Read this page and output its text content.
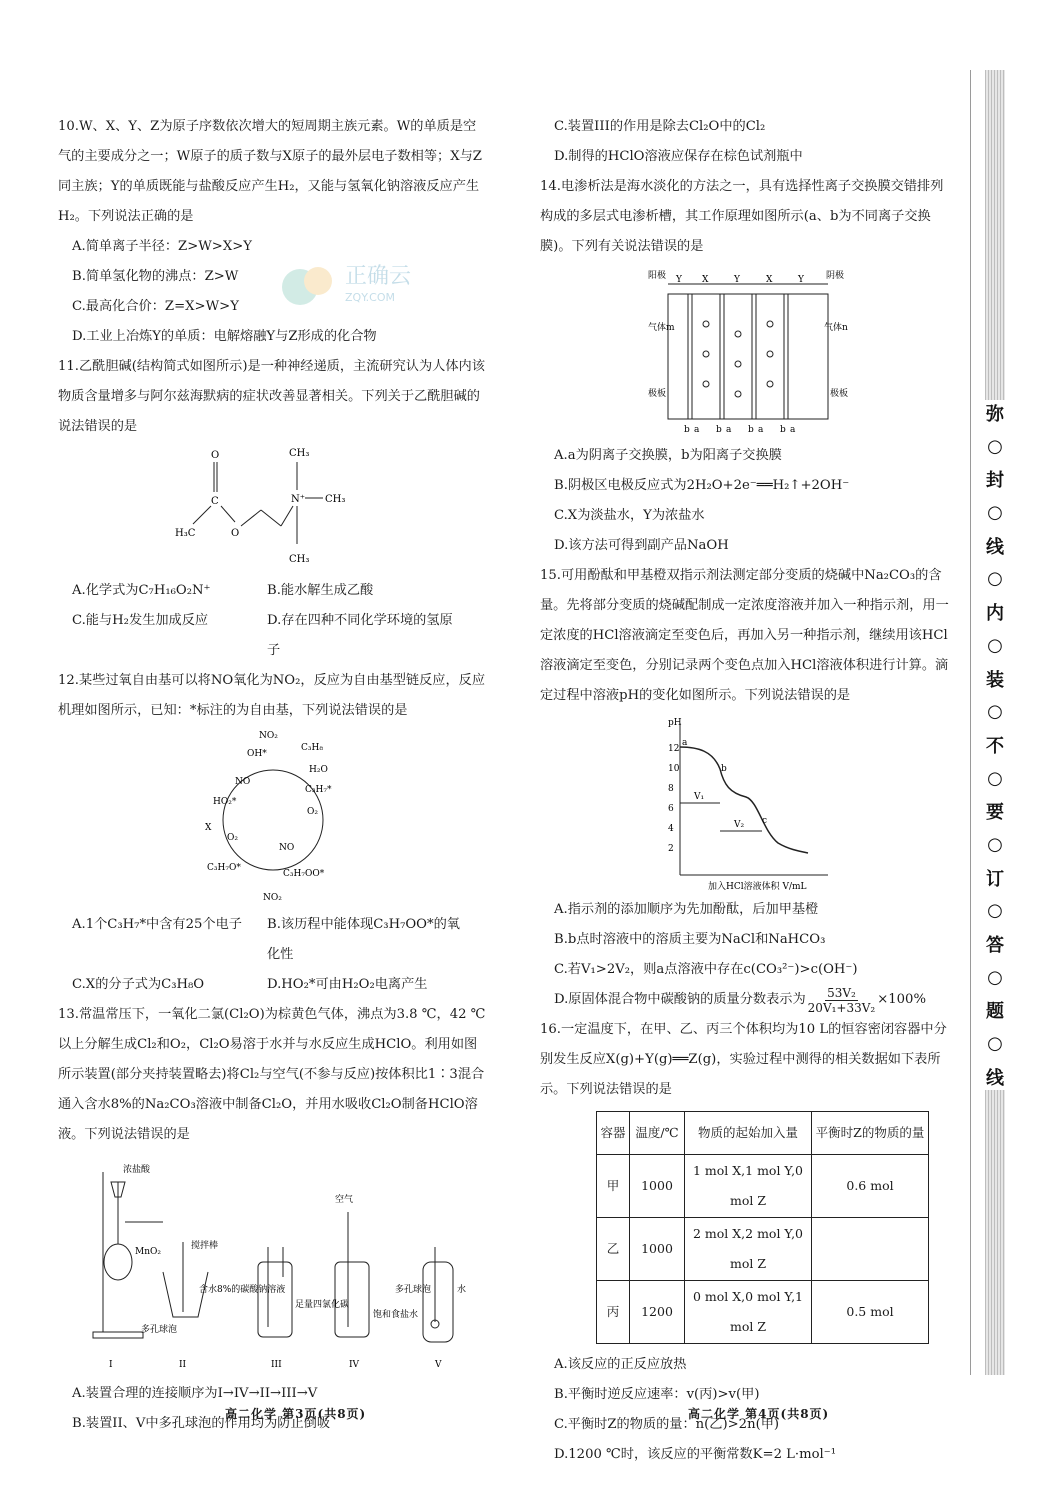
弥
○
封
○
线
○
内
○
装
○
不
○
要
○
订
○
答
○
题
○
线
正确云
ZQY.COM
10.W、X、Y、Z为原子序数依次增大的短周期主族元素。W的单质是空气的主要成分之一；W原子的质子数与X原子的最外层电子数相等；X与Z同主族；Y的单质既能与盐酸反应产生H₂，又能与氢氧化钠溶液反应产生H₂。下列说法正确的是
A.简单离子半径：Z>W>X>Y
B.简单氢化物的沸点：Z>W
C.最高化合价：Z=X>W>Y
D.工业上冶炼Y的单质：电解熔融Y与Z形成的化合物
11.乙酰胆碱(结构简式如图所示)是一种神经递质，主流研究认为人体内该物质含量增多与阿尔兹海默病的症状改善显著相关。下列关于乙酰胆碱的说法错误的是
O
C
H₃C	O
N⁺
CH₃
CH₃
CH₃
A.化学式为C₇H₁₆O₂N⁺	B.能水解生成乙酸
C.能与H₂发生加成反应	D.存在四种不同化学环境的氢原子
12.某些过氧自由基可以将NO氧化为NO₂，反应为自由基型链反应，反应机理如图所示，已知：*标注的为自由基，下列说法错误的是
NO₂
OH*
C₃H₈
H₂O
NO
C₃H₇*
HO₂*
O₂
X
O₂
NO
C₃H₇O*
C₃H₇OO*
NO₂
A.1个C₃H₇*中含有25个电子	B.该历程中能体现C₃H₇OO*的氧化性
C.X的分子式为C₃H₈O	D.HO₂*可由H₂O₂电离产生
13.常温常压下，一氧化二氯(Cl₂O)为棕黄色气体，沸点为3.8 ℃，42 ℃以上分解生成Cl₂和O₂，Cl₂O易溶于水并与水反应生成HClO。利用如图所示装置(部分夹持装置略去)将Cl₂与空气(不参与反应)按体积比1∶3混合通入含水8%的Na₂CO₃溶液中制备Cl₂O，并用水吸收Cl₂O制备HClO溶液。下列说法错误的是
浓盐酸
MnO₂
I
搅拌棒
含水8%的碳酸钠溶液
多孔球泡
II
足量四氯化碳
III
空气
饱和食盐水
IV
多孔球泡	水
V
A.装置合理的连接顺序为I→IV→II→III→V
B.装置II、V中多孔球泡的作用均为防止倒吸
高二化学 第3页(共8页)
C.装置III的作用是除去Cl₂O中的Cl₂
D.制得的HClO溶液应保存在棕色试剂瓶中
14.电渗析法是海水淡化的方法之一，具有选择性离子交换膜交错排列构成的多层式电渗析槽，其工作原理如图所示(a、b为不同离子交换膜)。下列有关说法错误的是
阳极	阴极
气体m	气体n
极板	极板
Y X	Y	X	Y
b a b a b a b a
A.a为阴离子交换膜，b为阳离子交换膜
B.阴极区电极反应式为2H₂O+2e⁻══H₂↑+2OH⁻
C.X为淡盐水，Y为浓盐水
D.该方法可得到副产品NaOH
15.可用酚酞和甲基橙双指示剂法测定部分变质的烧碱中Na₂CO₃的含量。先将部分变质的烧碱配制成一定浓度溶液并加入一种指示剂，用一定浓度的HCl溶液滴定至变色后，再加入另一种指示剂，继续用该HCl溶液滴定至变色，分别记录两个变色点加入HCl溶液体积进行计算。滴定过程中溶液pH的变化如图所示。下列说法错误的是
pH
12
10
8
6
4
2
a
b
c
V₁
V₂
加入HCl溶液体积 V/mL
A.指示剂的添加顺序为先加酚酞，后加甲基橙
B.b点时溶液中的溶质主要为NaCl和NaHCO₃
C.若V₁>2V₂，则a点溶液中存在c(CO₃²⁻)>c(OH⁻)
D.原固体混合物中碳酸钠的质量分数表示为 $\frac{\text{53V₂}}{\text{20V₁+33V₂}} \times 100\%$
16.一定温度下，在甲、乙、丙三个体积均为10 L的恒容密闭容器中分别发生反应X(g)+Y(g)══Z(g)，实验过程中测得的相关数据如下表所示。下列说法错误的是
容器	温度/℃	物质的起始加入量	平衡时Z的物质的量
甲	1000	1 mol X,1 mol Y,0 mol Z	0.6 mol
乙	1000	2 mol X,2 mol Y,0 mol Z	
丙	1200	0 mol X,0 mol Y,1 mol Z	0.5 mol
A.该反应的正反应放热
B.平衡时逆反应速率：v(丙)>v(甲)
C.平衡时Z的物质的量：n(乙)>2n(甲)
D.1200 ℃时，该反应的平衡常数K=2 L·mol⁻¹
高二化学 第4页(共8页)
